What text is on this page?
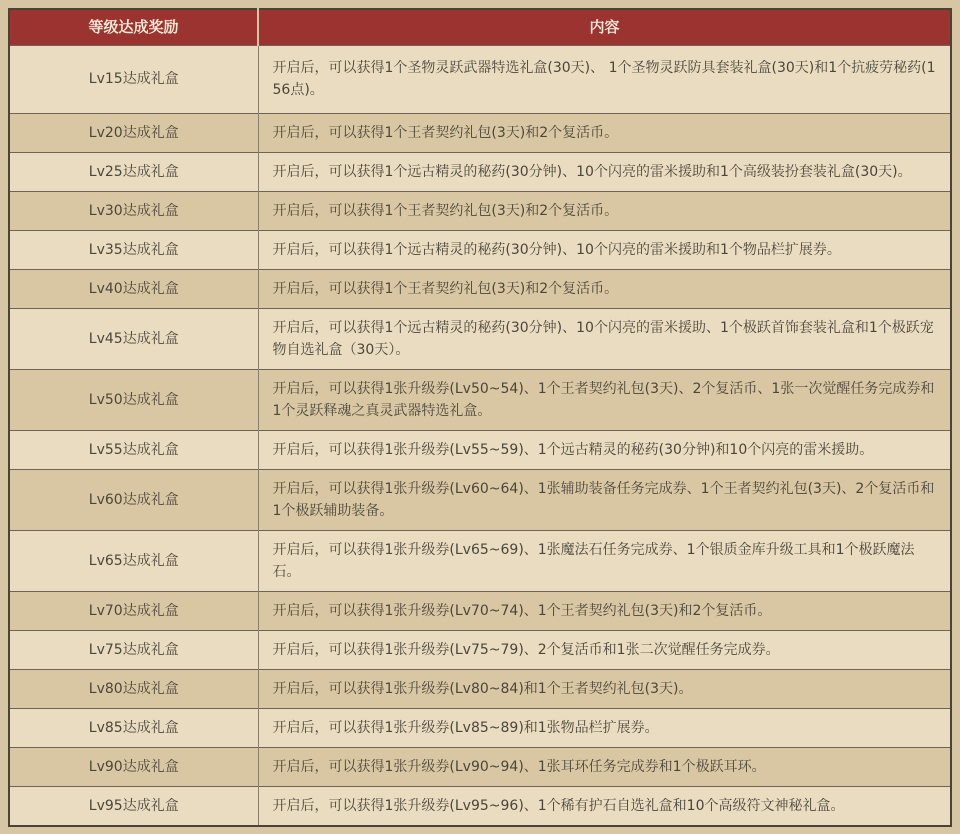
等级达成奖励	内容
Lv15达成礼盒	开启后，可以获得1个圣物灵跃武器特选礼盒(30天)、 1个圣物灵跃防具套装礼盒(30天)和1个抗疲劳秘药(156点)。
Lv20达成礼盒	开启后，可以获得1个王者契约礼包(3天)和2个复活币。
Lv25达成礼盒	开启后，可以获得1个远古精灵的秘药(30分钟)、10个闪亮的雷米援助和1个高级装扮套装礼盒(30天)。
Lv30达成礼盒	开启后，可以获得1个王者契约礼包(3天)和2个复活币。
Lv35达成礼盒	开启后，可以获得1个远古精灵的秘药(30分钟)、10个闪亮的雷米援助和1个物品栏扩展券。
Lv40达成礼盒	开启后，可以获得1个王者契约礼包(3天)和2个复活币。
Lv45达成礼盒	开启后，可以获得1个远古精灵的秘药(30分钟)、10个闪亮的雷米援助、1个极跃首饰套装礼盒和1个极跃宠物自选礼盒（30天）。
Lv50达成礼盒	开启后，可以获得1张升级券(Lv50~54)、1个王者契约礼包(3天)、2个复活币、1张一次觉醒任务完成券和1个灵跃释魂之真灵武器特选礼盒。
Lv55达成礼盒	开启后，可以获得1张升级券(Lv55~59)、1个远古精灵的秘药(30分钟)和10个闪亮的雷米援助。
Lv60达成礼盒	开启后，可以获得1张升级券(Lv60~64)、1张辅助装备任务完成券、1个王者契约礼包(3天)、2个复活币和1个极跃辅助装备。
Lv65达成礼盒	开启后，可以获得1张升级券(Lv65~69)、1张魔法石任务完成券、1个银质金库升级工具和1个极跃魔法石。
Lv70达成礼盒	开启后，可以获得1张升级券(Lv70~74)、1个王者契约礼包(3天)和2个复活币。
Lv75达成礼盒	开启后，可以获得1张升级券(Lv75~79)、2个复活币和1张二次觉醒任务完成券。
Lv80达成礼盒	开启后，可以获得1张升级券(Lv80~84)和1个王者契约礼包(3天)。
Lv85达成礼盒	开启后，可以获得1张升级券(Lv85~89)和1张物品栏扩展券。
Lv90达成礼盒	开启后，可以获得1张升级券(Lv90~94)、1张耳环任务完成券和1个极跃耳环。
Lv95达成礼盒	开启后，可以获得1张升级券(Lv95~96)、1个稀有护石自选礼盒和10个高级符文神秘礼盒。
